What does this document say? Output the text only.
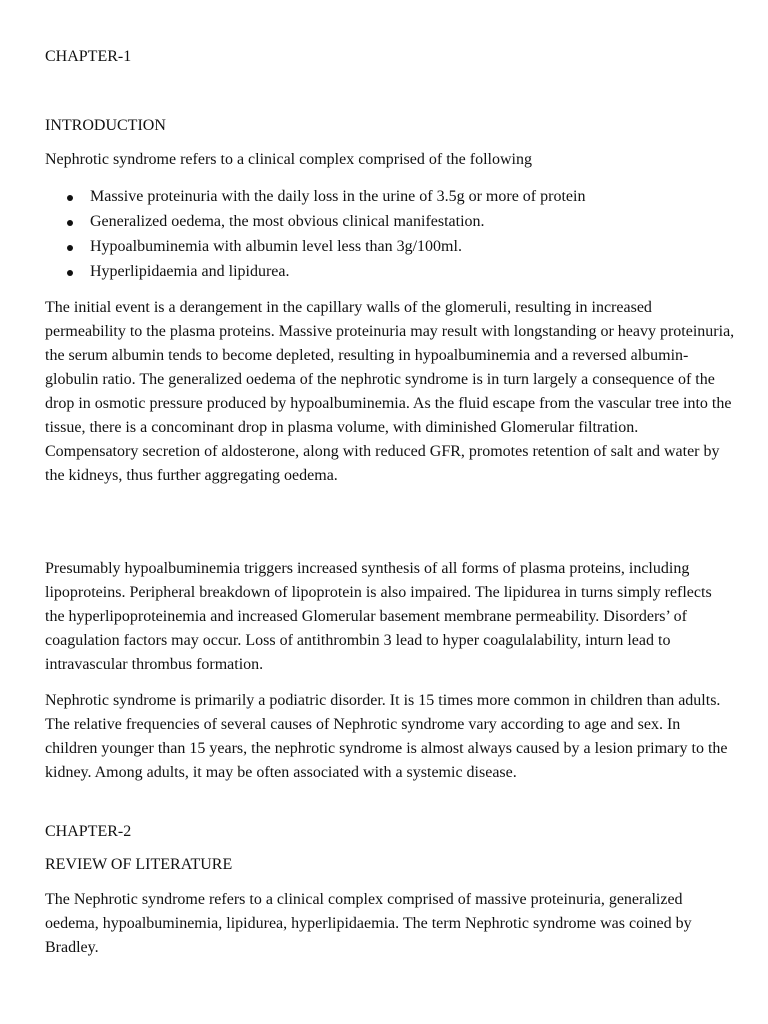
CHAPTER-1
INTRODUCTION

Nephrotic syndrome refers to a clinical complex comprised of the following

Massive proteinuria with the daily loss in the urine of 3.5g or more of protein
Generalized oedema, the most obvious clinical manifestation.
Hypoalbuminemia with albumin level less than 3g/100ml.
Hyperlipidaemia and lipidurea.

The initial event is a derangement in the capillary walls of the glomeruli, resulting in increased permeability to the plasma proteins. Massive proteinuria may result with longstanding or heavy proteinuria, the serum albumin tends to become depleted, resulting in hypoalbuminemia and a reversed albumin-globulin ratio. The generalized oedema of the nephrotic syndrome is in turn largely a consequence of the drop in osmotic pressure produced by hypoalbuminemia. As the fluid escape from the vascular tree into the tissue, there is a concominant drop in plasma volume, with diminished Glomerular filtration. Compensatory secretion of aldosterone, along with reduced GFR, promotes retention of salt and water by the kidneys, thus further aggregating oedema.

Presumably hypoalbuminemia triggers increased synthesis of all forms of plasma proteins, including lipoproteins. Peripheral breakdown of lipoprotein is also impaired. The lipidurea in turns simply reflects the hyperlipoproteinemia and increased Glomerular basement membrane permeability. Disorders’ of coagulation factors may occur. Loss of antithrombin 3 lead to hyper coagulalability, inturn lead to intravascular thrombus formation.

Nephrotic syndrome is primarily a podiatric disorder. It is 15 times more common in children than adults. The relative frequencies of several causes of Nephrotic syndrome vary according to age and sex. In children younger than 15 years, the nephrotic syndrome is almost always caused by a lesion primary to the kidney. Among adults, it may be often associated with a systemic disease.

CHAPTER-2
REVIEW OF LITERATURE

The Nephrotic syndrome refers to a clinical complex comprised of massive proteinuria, generalized oedema, hypoalbuminemia, lipidurea, hyperlipidaemia. The term Nephrotic syndrome was coined by Bradley.
